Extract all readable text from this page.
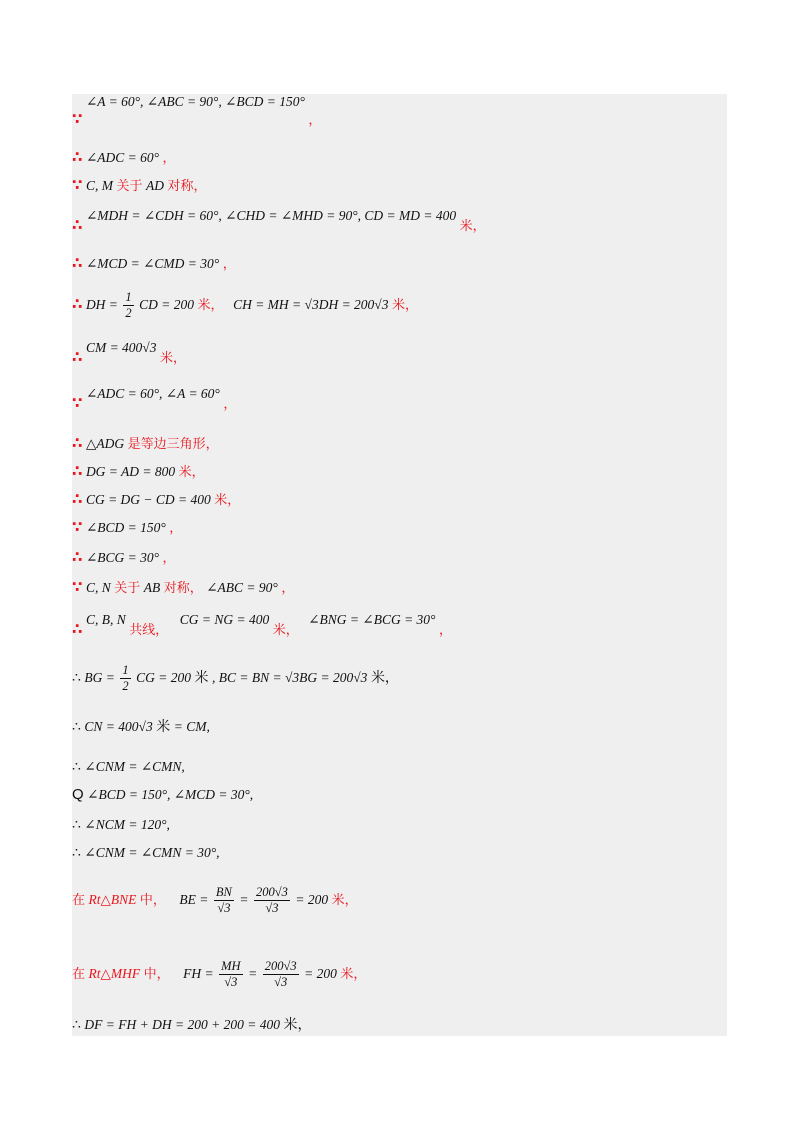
∵ ∠A = 60°, ∠ABC = 90°, ∠BCD = 150° ，
∴ ∠ADC = 60° ，
∵ C, M 关于 AD 对称，
∴ ∠MDH = ∠CDH = 60°, ∠CHD = ∠MHD = 90°, CD = MD = 400 米，
∴ ∠MCD = ∠CMD = 30° ，
∴ DH = $\frac{1}{2}$ CD = 200 米， CH = MH = √3DH = 200√3 米，
∴ CM = 400√3 米，
∵ ∠ADC = 60°, ∠A = 60° ，
∴ △ADG 是等边三角形，
∴ DG = AD = 800 米，
∴ CG = DG − CD = 400 米，
∵ ∠BCD = 150° ，
∴ ∠BCG = 30° ，
∵ C, N 关于 AB 对称， ∠ABC = 90° ，
∴ C, B, N 共线， CG = NG = 400 米， ∠BNG = ∠BCG = 30° ，
∴ BG = $\frac{1}{2}$ CG = 200 米 , BC = BN = √3BG = 200√3 米，
∴ CN = 400√3 米 = CM,
∴ ∠CNM = ∠CMN,
Q ∠BCD = 150°, ∠MCD = 30°,
∴ ∠NCM = 120°,
∴ ∠CNM = ∠CMN = 30°,
在 Rt△BNE 中， BE = $\frac{BN}{√3} = \frac{200√3}{√3} = 200$ 米，
在 Rt△MHF 中， FH = $\frac{MH}{√3} = \frac{200√3}{√3} = 200$ 米，
∴ DF = FH + DH = 200 + 200 = 400 米，
